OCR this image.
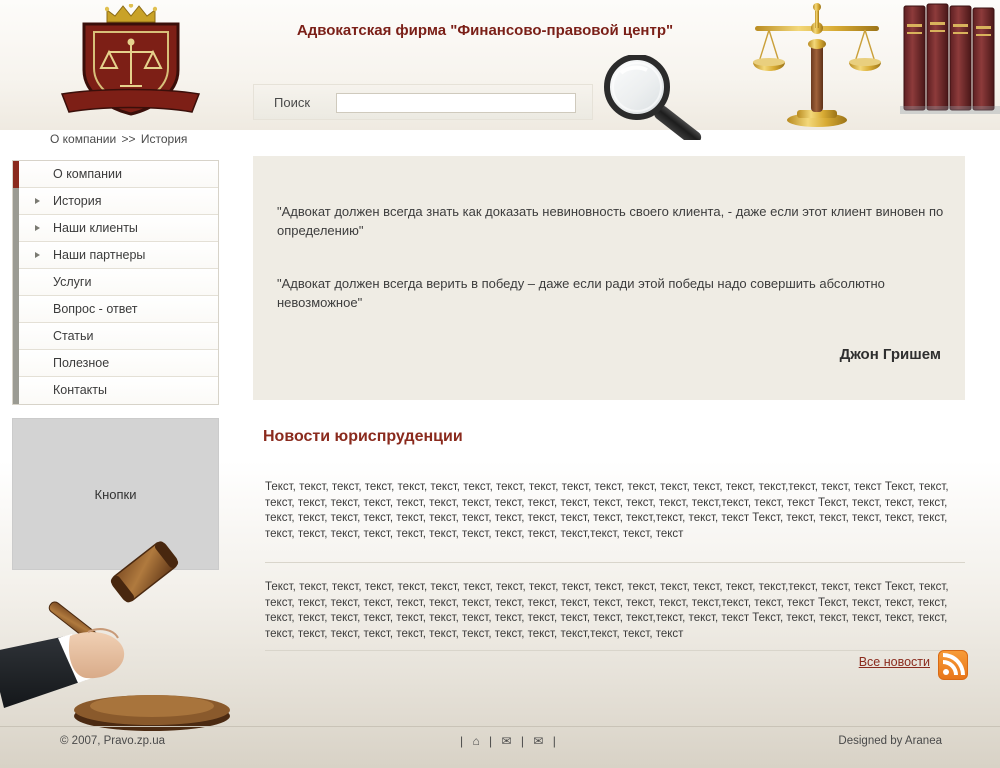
Адвокатская фирма "Финансово-правовой центр"
Поиск
О компании >> История
О компании
История
Наши клиенты
Наши партнеры
Услуги
Вопрос - ответ
Статьи
Полезное
Контакты
Кнопки
"Адвокат должен всегда знать как доказать невиновность своего клиента, - даже если этот клиент виновен по определению"
"Адвокат должен всегда верить в победу – даже если ради этой победы надо совершить абсолютно невозможное"
Джон Гришем
Новости юриспруденции
Текст, текст, текст, текст, текст, текст, текст, текст, текст, текст, текст, текст, текст, текст, текст, текст,текст, текст, текст Текст, текст, текст, текст, текст, текст, текст, текст, текст, текст, текст, текст, текст, текст, текст, текст,текст, текст, текст Текст, текст, текст, текст, текст, текст, текст, текст, текст, текст, текст, текст, текст, текст, текст, текст,текст, текст, текст Текст, текст, текст, текст, текст, текст, текст, текст, текст, текст, текст, текст, текст, текст, текст, текст,текст, текст, текст
Текст, текст, текст, текст, текст, текст, текст, текст, текст, текст, текст, текст, текст, текст, текст, текст,текст, текст, текст Текст, текст, текст, текст, текст, текст, текст, текст, текст, текст, текст, текст, текст, текст, текст, текст,текст, текст, текст Текст, текст, текст, текст, текст, текст, текст, текст, текст, текст, текст, текст, текст, текст, текст, текст,текст, текст, текст Текст, текст, текст, текст, текст, текст, текст, текст, текст, текст, текст, текст, текст, текст, текст, текст,текст, текст, текст
Все новости
© 2007, Pravo.zp.ua	| ⌂ | ✉ | ✉ |	Designed by Aranea
